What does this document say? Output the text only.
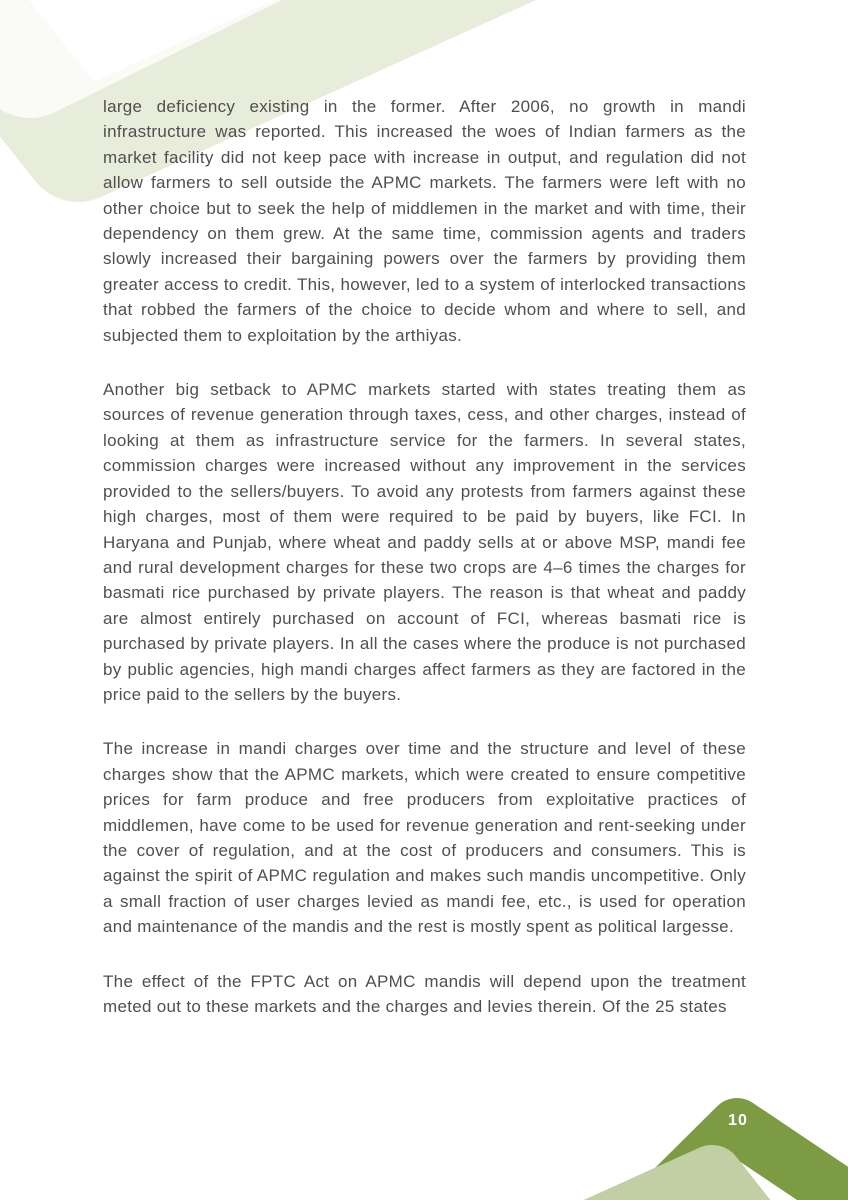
large deficiency existing in the former. After 2006, no growth in mandi infrastructure was reported. This increased the woes of Indian farmers as the market facility did not keep pace with increase in output, and regulation did not allow farmers to sell outside the APMC markets. The farmers were left with no other choice but to seek the help of middlemen in the market and with time, their dependency on them grew. At the same time, commission agents and traders slowly increased their bargaining powers over the farmers by providing them greater access to credit. This, however, led to a system of interlocked transactions that robbed the farmers of the choice to decide whom and where to sell, and subjected them to exploitation by the arthiyas.

Another big setback to APMC markets started with states treating them as sources of revenue generation through taxes, cess, and other charges, instead of looking at them as infrastructure service for the farmers. In several states, commission charges were increased without any improvement in the services provided to the sellers/buyers. To avoid any protests from farmers against these high charges, most of them were required to be paid by buyers, like FCI. In Haryana and Punjab, where wheat and paddy sells at or above MSP, mandi fee and rural development charges for these two crops are 4–6 times the charges for basmati rice purchased by private players. The reason is that wheat and paddy are almost entirely purchased on account of FCI, whereas basmati rice is purchased by private players. In all the cases where the produce is not purchased by public agencies, high mandi charges affect farmers as they are factored in the price paid to the sellers by the buyers.

The increase in mandi charges over time and the structure and level of these charges show that the APMC markets, which were created to ensure competitive prices for farm produce and free producers from exploitative practices of middlemen, have come to be used for revenue generation and rent-seeking under the cover of regulation, and at the cost of producers and consumers. This is against the spirit of APMC regulation and makes such mandis uncompetitive. Only a small fraction of user charges levied as mandi fee, etc., is used for operation and maintenance of the mandis and the rest is mostly spent as political largesse.

The effect of the FPTC Act on APMC mandis will depend upon the treatment meted out to these markets and the charges and levies therein. Of the 25 states

10
